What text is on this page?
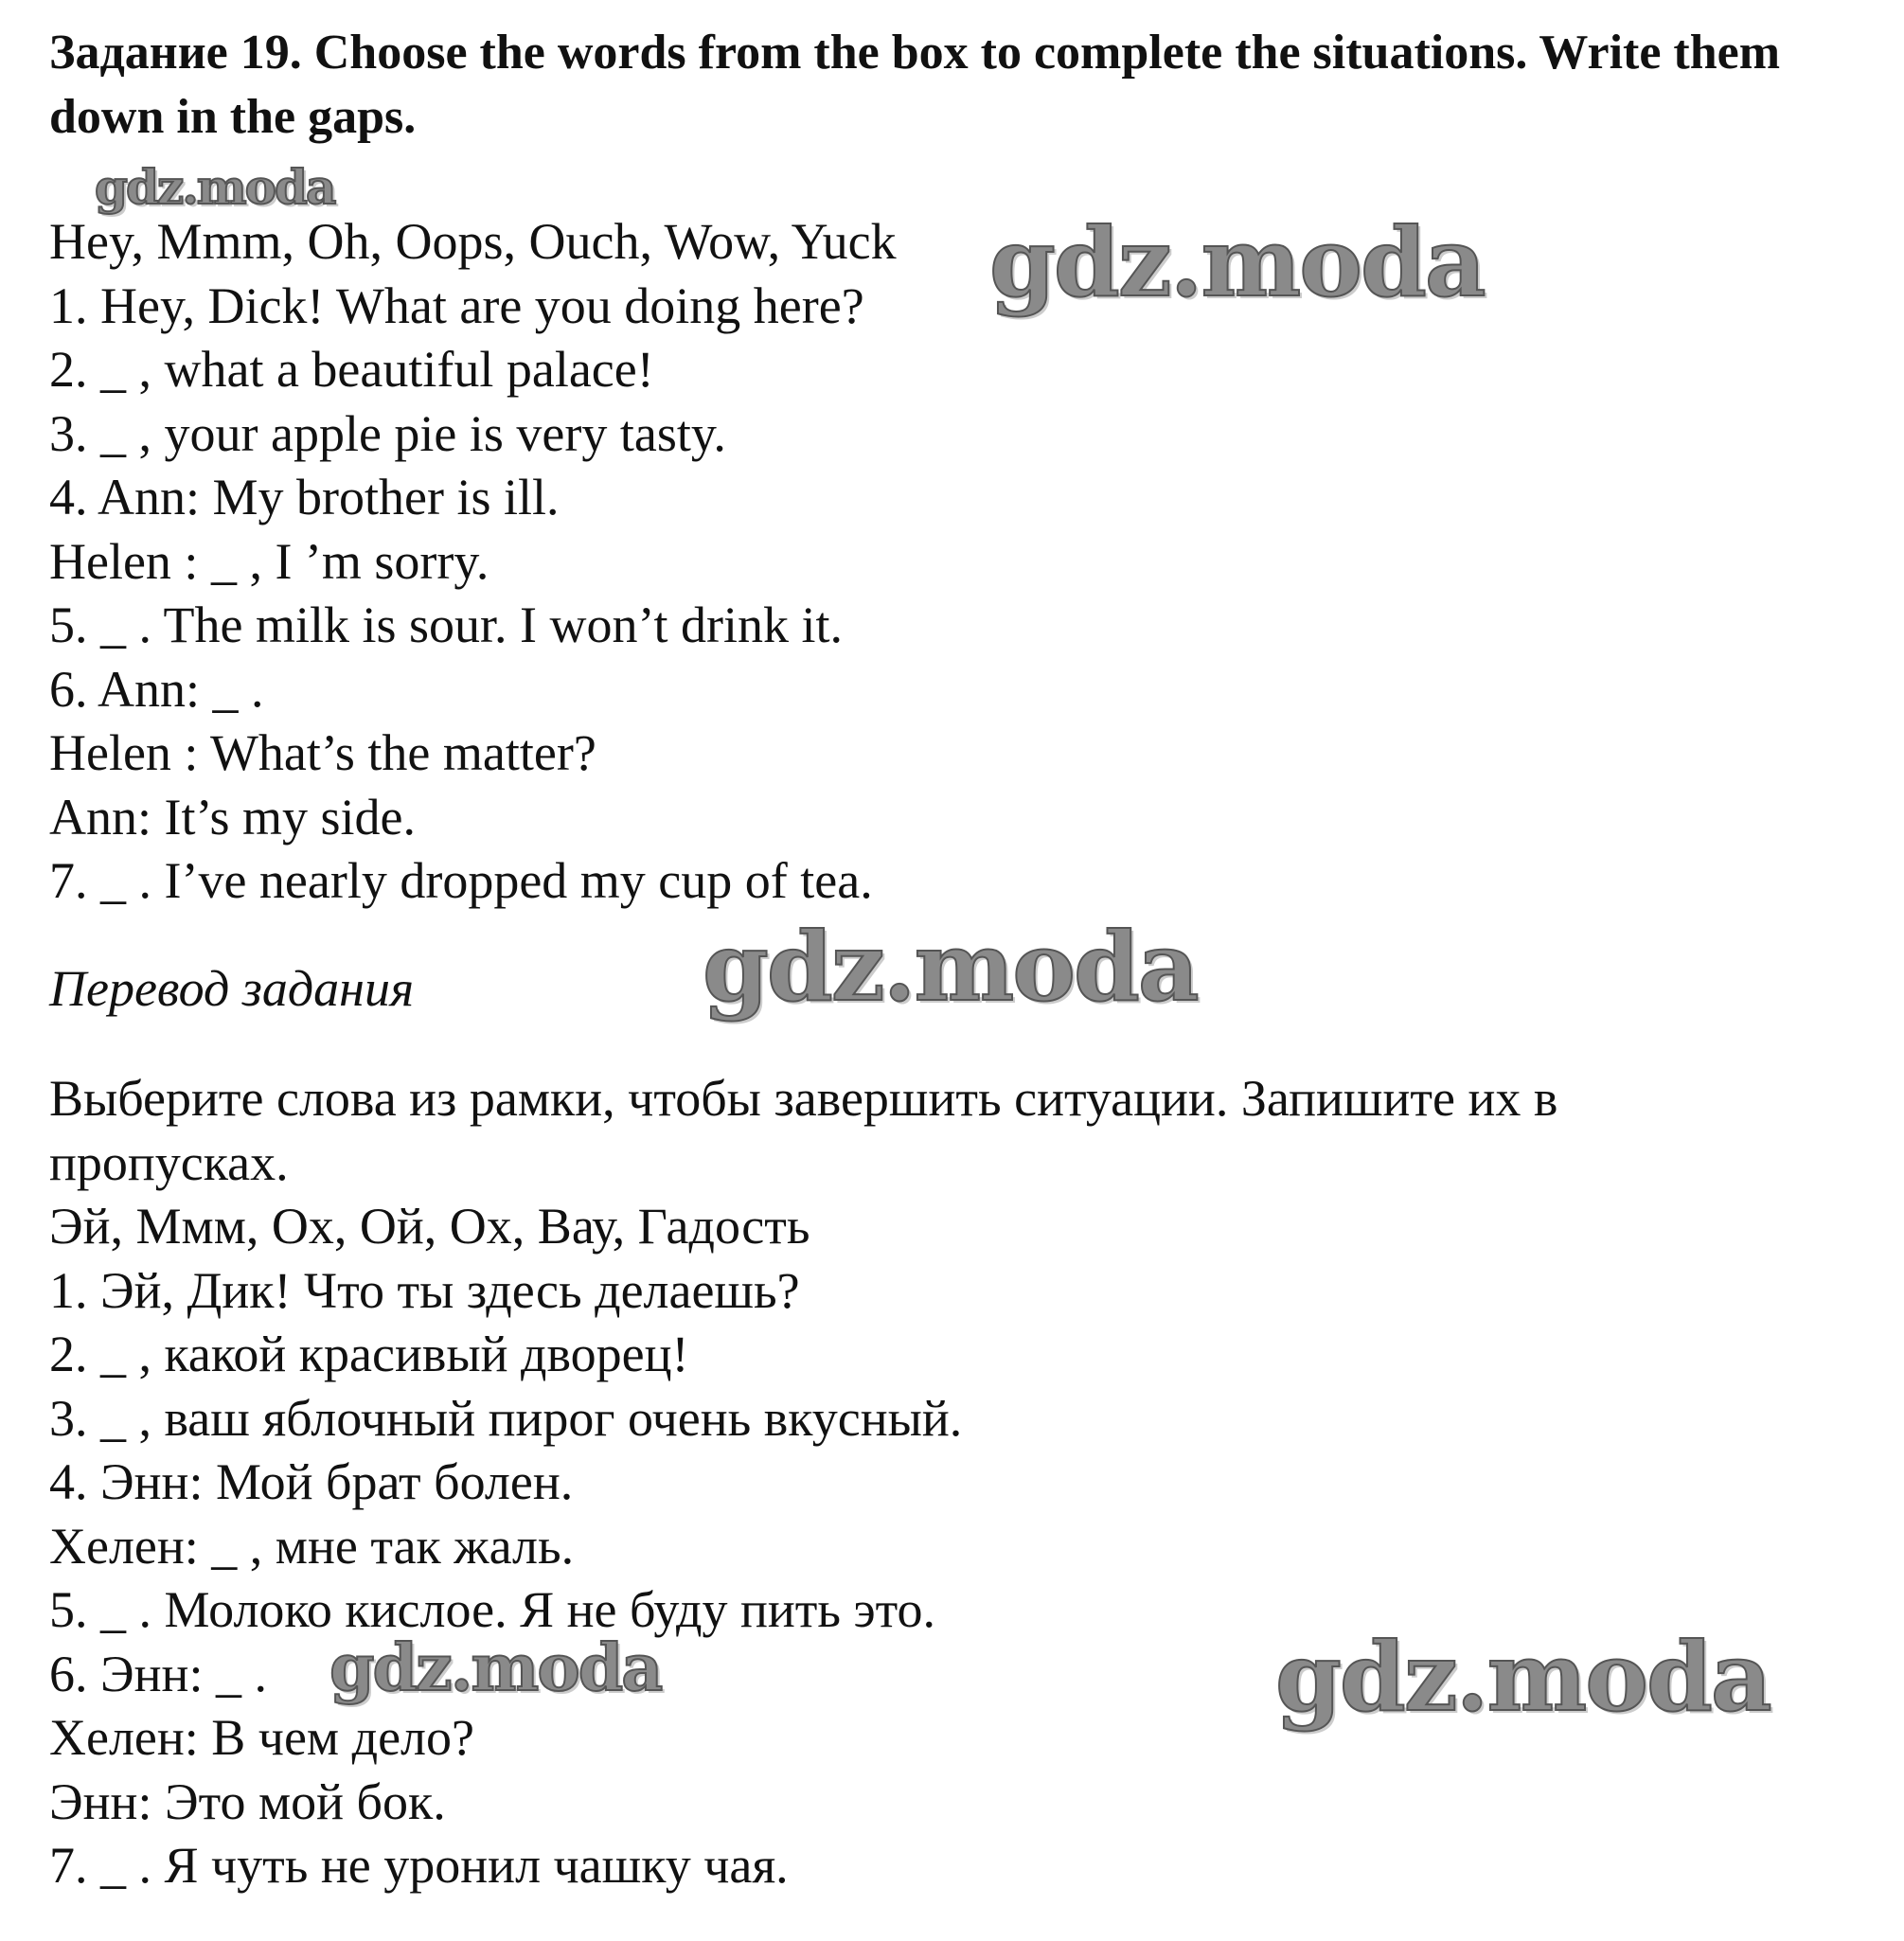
Задание 19. Choose the words from the box to complete the situations. Write them down in the gaps.
Hey, Mmm, Oh, Oops, Ouch, Wow, Yuck
1. Hey, Dick! What are you doing here?
2. _ , what a beautiful palace!
3. _ , your apple pie is very tasty.
4. Ann: My brother is ill.
Helen : _ , I ’m sorry.
5. _ . The milk is sour. I won’t drink it.
6. Ann: _ .
Helen : What’s the matter?
Ann: It’s my side.
7. _ . I’ve nearly dropped my cup of tea.
Перевод задания
Выберите слова из рамки, чтобы завершить ситуации. Запишите их в
пропусках.
Эй, Ммм, Ох, Ой, Ох, Вау, Гадость
1. Эй, Дик! Что ты здесь делаешь?
2. _ , какой красивый дворец!
3. _ , ваш яблочный пирог очень вкусный.
4. Энн: Мой брат болен.
Хелен: _ , мне так жаль.
5. _ . Молоко кислое. Я не буду пить это.
6. Энн: _ .
Хелен: В чем дело?
Энн: Это мой бок.
7. _ . Я чуть не уронил чашку чая.
gdz.moda
gdz.moda
gdz.moda
gdz.moda	gdz.moda
